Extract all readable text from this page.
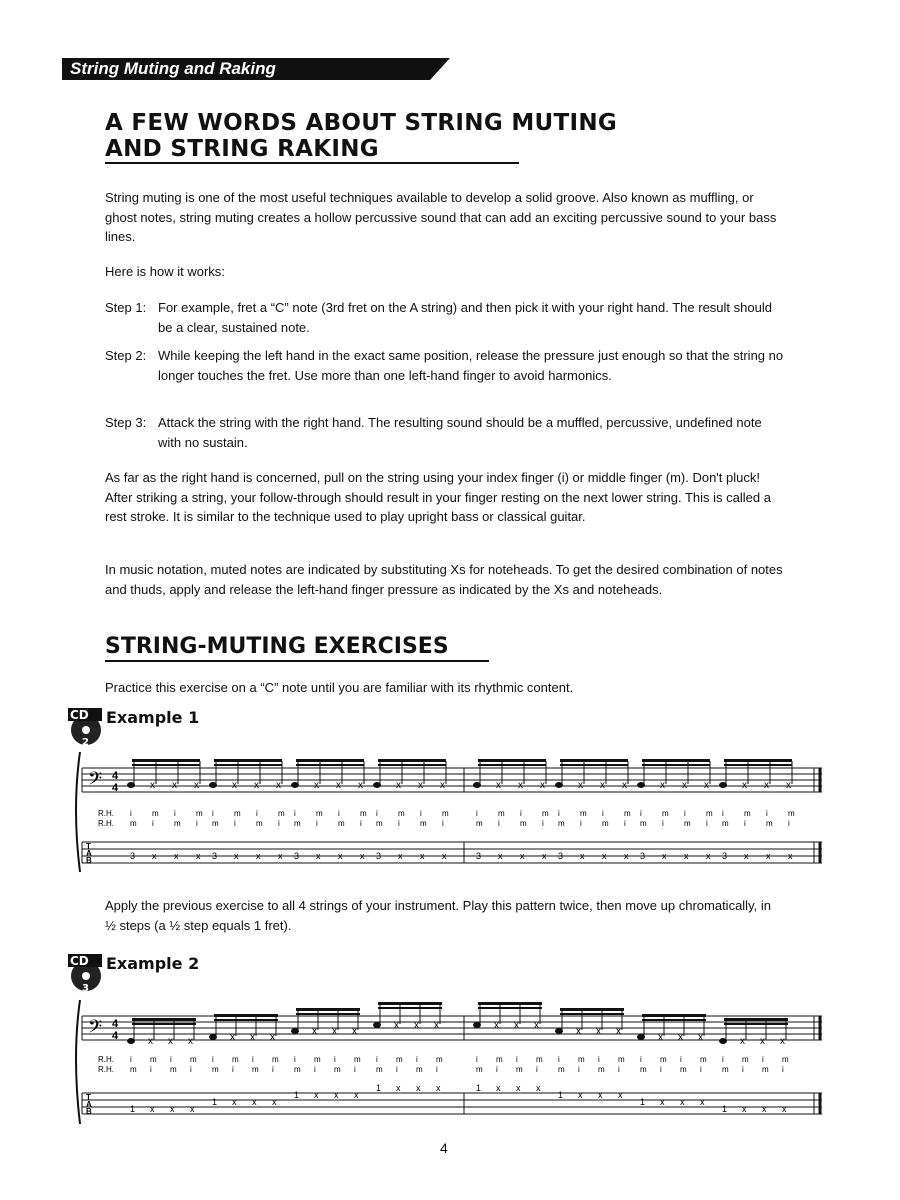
String Muting and Raking
A FEW WORDS ABOUT STRING MUTING
AND STRING RAKING
String muting is one of the most useful techniques available to develop a solid groove. Also known as muffling, or ghost notes, string muting creates a hollow percussive sound that can add an exciting percussive sound to your bass lines.
Here is how it works:
Step 1: For example, fret a “C” note (3rd fret on the A string) and then pick it with your right hand. The result should be a clear, sustained note.
Step 2: While keeping the left hand in the exact same position, release the pressure just enough so that the string no longer touches the fret. Use more than one left-hand finger to avoid harmonics.
Step 3: Attack the string with the right hand. The resulting sound should be a muffled, percussive, undefined note with no sustain.
As far as the right hand is concerned, pull on the string using your index finger (i) or middle finger (m). Don't pluck! After striking a string, your follow-through should result in your finger resting on the next lower string. This is called a rest stroke. It is similar to the technique used to play upright bass or classical guitar.
In music notation, muted notes are indicated by substituting Xs for noteheads. To get the desired combination of notes and thuds, apply and release the left-hand finger pressure as indicated by the Xs and noteheads.
STRING-MUTING EXERCISES
Practice this exercise on a “C” note until you are familiar with its rhythmic content.
CD
2
Example 1
𝄢 4
4
T
A
B
x x x	x x x	x x x	x x x	x x x	x x x	x x x	x x x
R.H.
R.H.
i
m
m
i
i
m
m
i
i
m
m
i
i
m
m
i
i
m
m
i
i
m
m
i
i
m
m
i
i
m
m
i
i
m
m
i
i
m
m
i
i
m
m
i
i
m
m
i
i
m
m
i
i
m
m
i
i
m
m
i
i
m
m
i
3 x x x 3 x x x 3 x x x 3 x x x	3 x x x 3 x x x 3 x x x 3 x x x
Apply the previous exercise to all 4 strings of your instrument. Play this pattern twice, then move up chromatically, in ½ steps (a ½ step equals 1 fret).
CD
3
Example 2
𝄢 4
4
T
A
B
x x x	x x x
x x x
x x x	x x x
x x x
x x x	x x x
R.H.
R.H.
i
m
m
i
i
m
m
i
i
m
m
i
i
m
m
i
i
m
m
i
i
m
m
i
i
m
m
i
i
m
m
i
i
m
m
i
i
m
m
i
i
m
m
i
i
m
m
i
i
m
m
i
i
m
m
i
i
m
m
i
i
m
m
i
1 x x x
1 x x x
1 x x x
1 x x x	1 x x x
1 x x x
1 x x x
1 x x x
4
